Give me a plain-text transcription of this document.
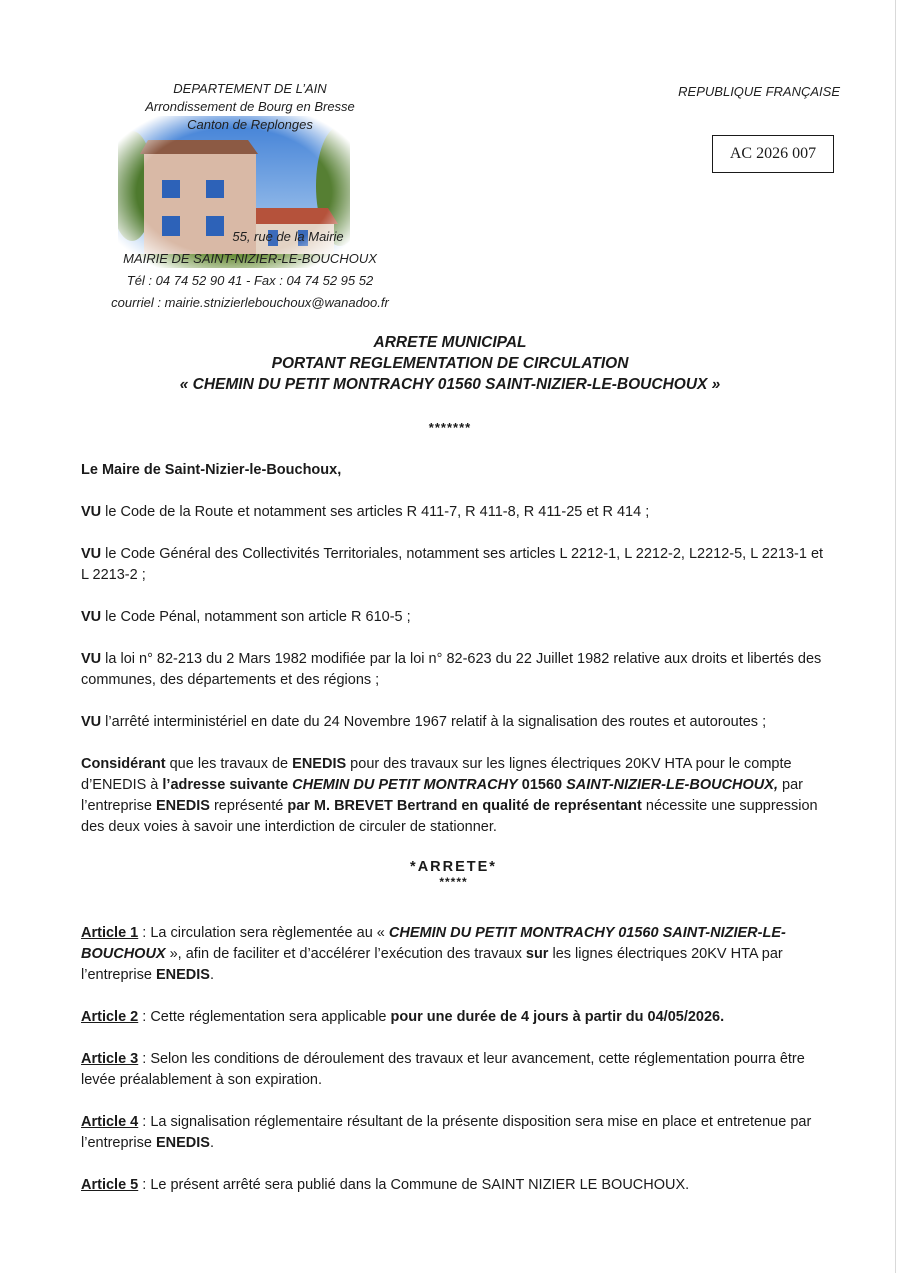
DEPARTEMENT DE L’AIN
Arrondissement de Bourg en Bresse
Canton de Replonges
55, rue de la Mairie
MAIRIE DE SAINT-NIZIER-LE-BOUCHOUX
Tél : 04 74 52 90 41 - Fax : 04 74 52 95 52
courriel : mairie.stnizierlebouchoux@wanadoo.fr
REPUBLIQUE FRANÇAISE
AC 2026 007
ARRETE MUNICIPAL
PORTANT REGLEMENTATION DE CIRCULATION
« CHEMIN DU PETIT MONTRACHY 01560 SAINT-NIZIER-LE-BOUCHOUX »
*******

Le Maire de Saint-Nizier-le-Bouchoux,

VU le Code de la Route et notamment ses articles R 411-7, R 411-8, R 411-25 et R 414 ;

VU le Code Général des Collectivités Territoriales, notamment ses articles L 2212-1, L 2212-2, L2212-5, L 2213-1 et L 2213-2 ;

VU le Code Pénal, notamment son article R 610-5 ;

VU la loi n° 82-213 du 2 Mars 1982 modifiée par la loi n° 82-623 du 22 Juillet 1982 relative aux droits et libertés des communes, des départements et des régions ;

VU l’arrêté interministériel en date du 24 Novembre 1967 relatif à la signalisation des routes et autoroutes ;

Considérant que les travaux de ENEDIS pour des travaux sur les lignes électriques 20KV HTA pour le compte d’ENEDIS à l’adresse suivante CHEMIN DU PETIT MONTRACHY 01560 SAINT-NIZIER-LE-BOUCHOUX, par l’entreprise ENEDIS représenté par M. BREVET Bertrand en qualité de représentant nécessite une suppression des deux voies à savoir une interdiction de circuler de stationner.

*ARRETE*
*****

Article 1 : La circulation sera règlementée au « CHEMIN DU PETIT MONTRACHY 01560 SAINT-NIZIER-LE-BOUCHOUX », afin de faciliter et d’accélérer l’exécution des travaux sur les lignes électriques 20KV HTA par l’entreprise ENEDIS.

Article 2 : Cette réglementation sera applicable pour une durée de 4 jours à partir du 04/05/2026.

Article 3 : Selon les conditions de déroulement des travaux et leur avancement, cette réglementation pourra être levée préalablement à son expiration.

Article 4 : La signalisation réglementaire résultant de la présente disposition sera mise en place et entretenue par l’entreprise ENEDIS.

Article 5 : Le présent arrêté sera publié dans la Commune de SAINT NIZIER LE BOUCHOUX.
